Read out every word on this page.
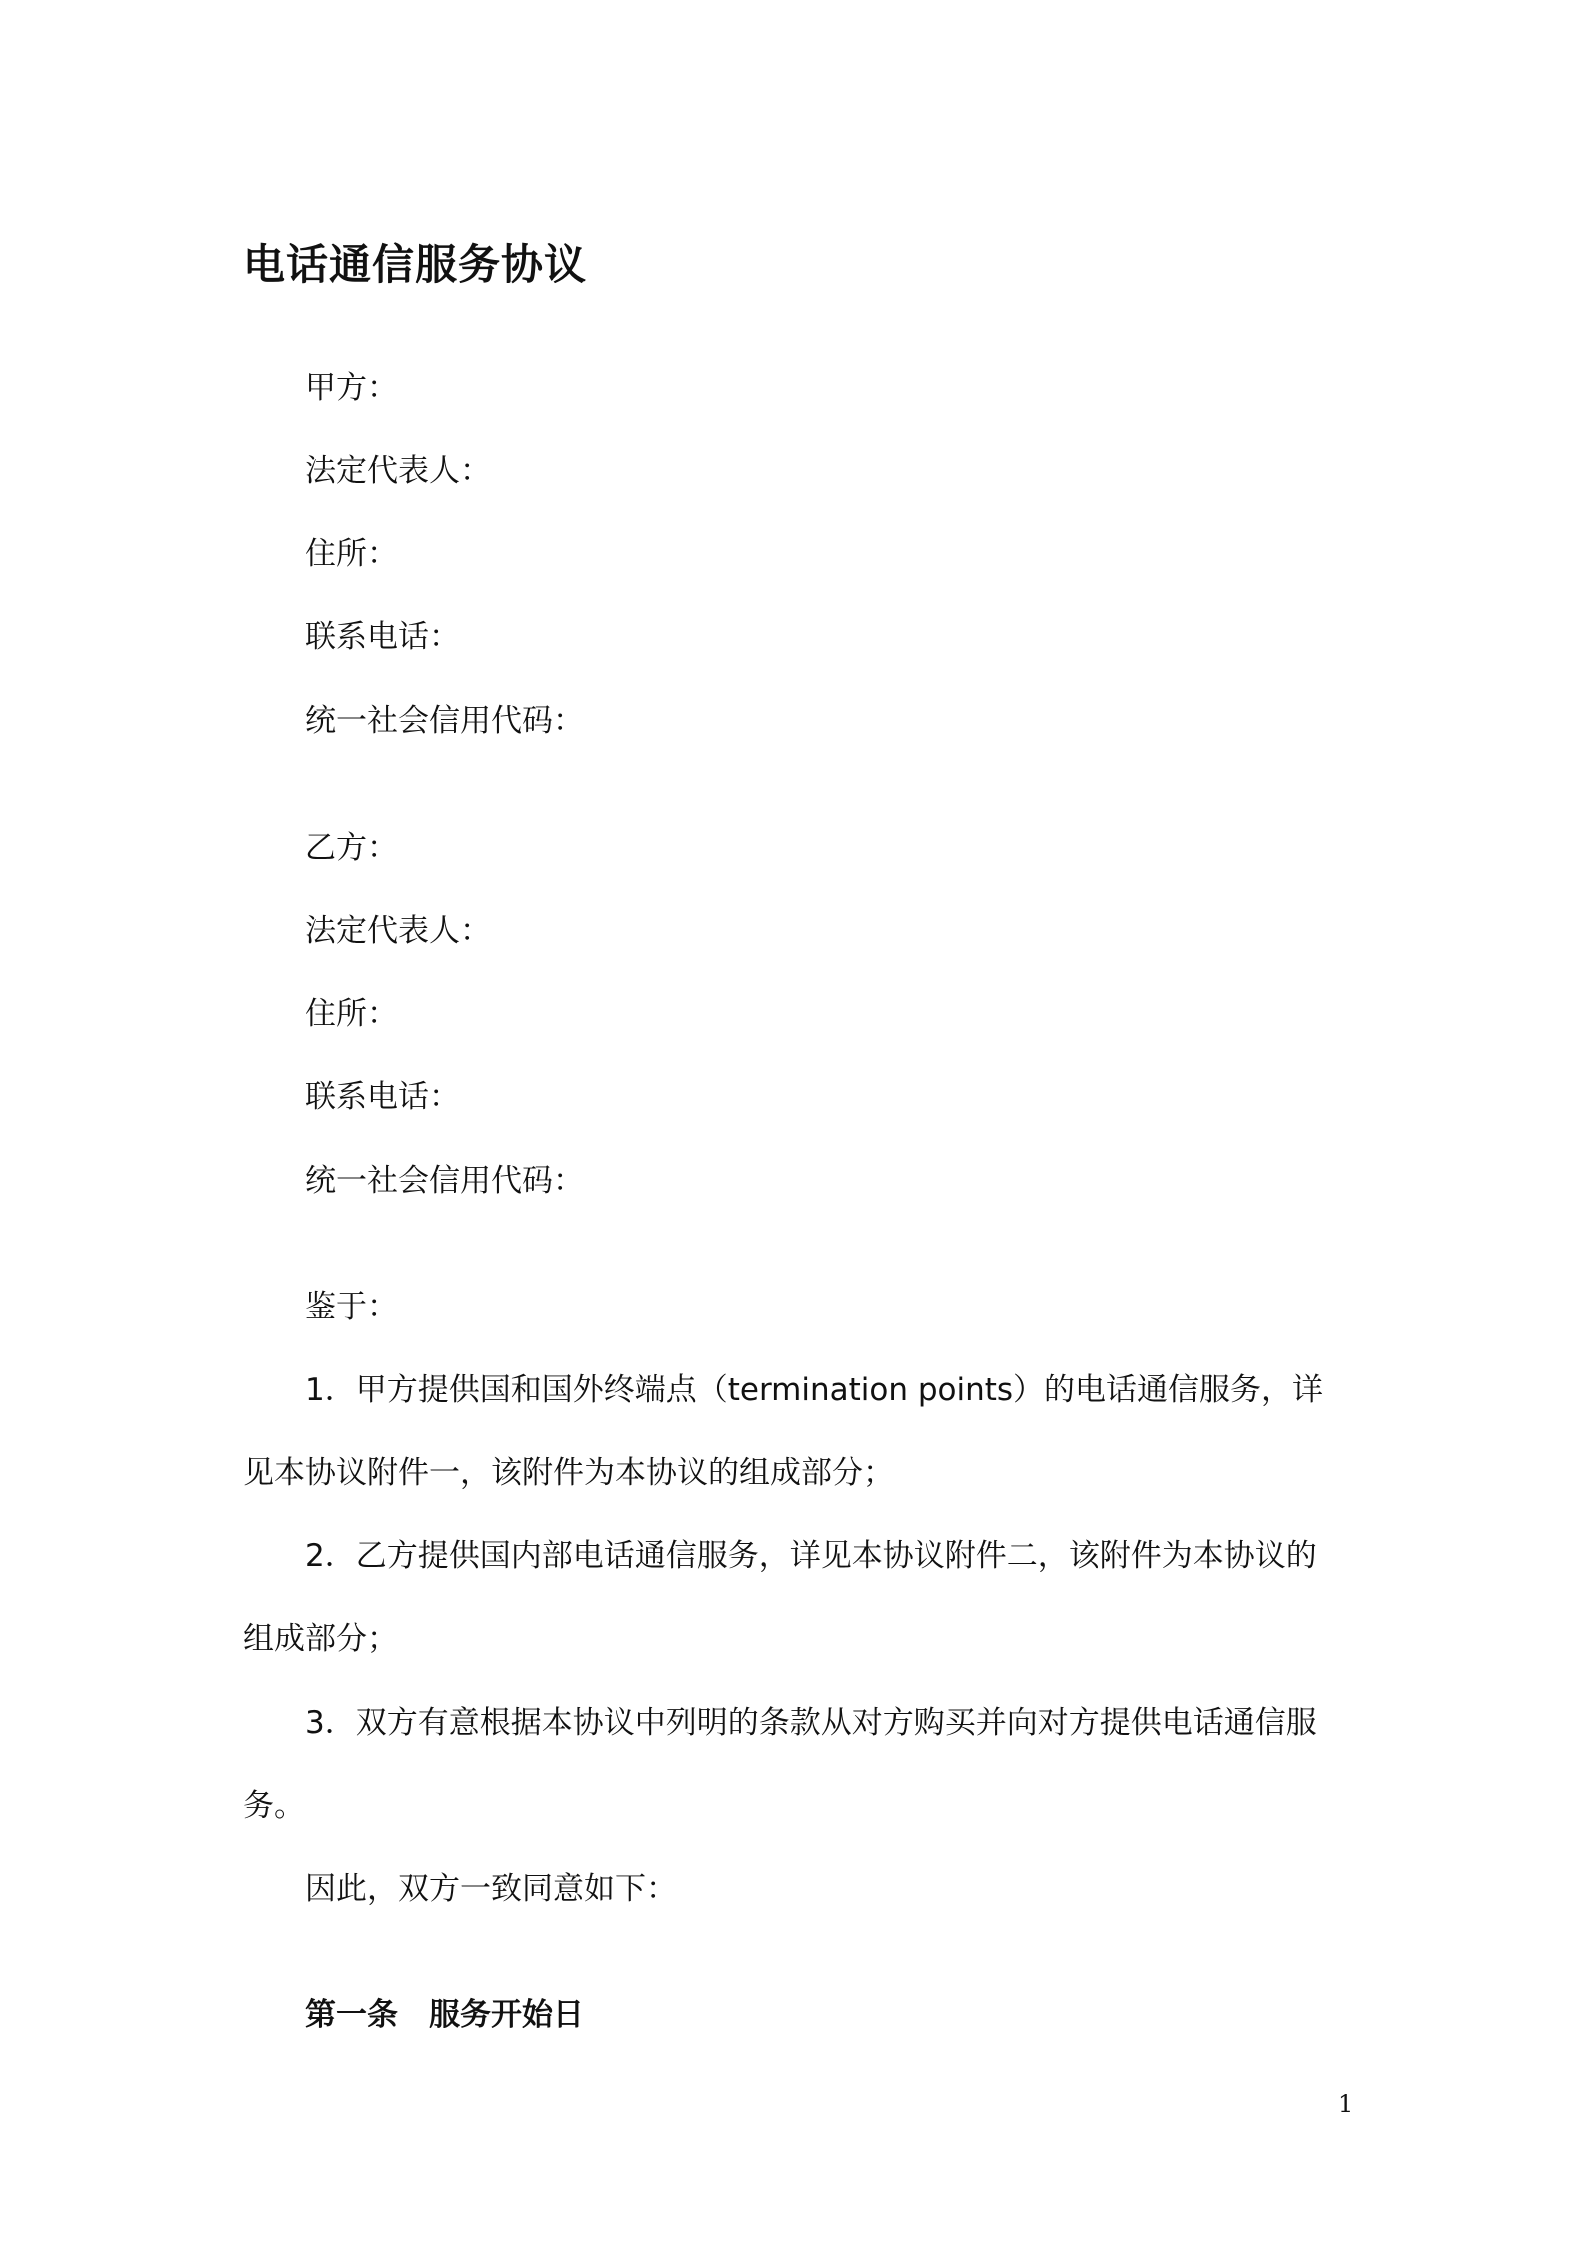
电话通信服务协议
甲方：
法定代表人：
住所：
联系电话：
统一社会信用代码：
乙方：
法定代表人：
住所：
联系电话：
统一社会信用代码：
鉴于：
1．甲方提供国和国外终端点（termination points）的电话通信服务，详
见本协议附件一，该附件为本协议的组成部分；
2．乙方提供国内部电话通信服务，详见本协议附件二，该附件为本协议的
组成部分；
3．双方有意根据本协议中列明的条款从对方购买并向对方提供电话通信服
务。
因此，双方一致同意如下：
第一条　服务开始日
1
